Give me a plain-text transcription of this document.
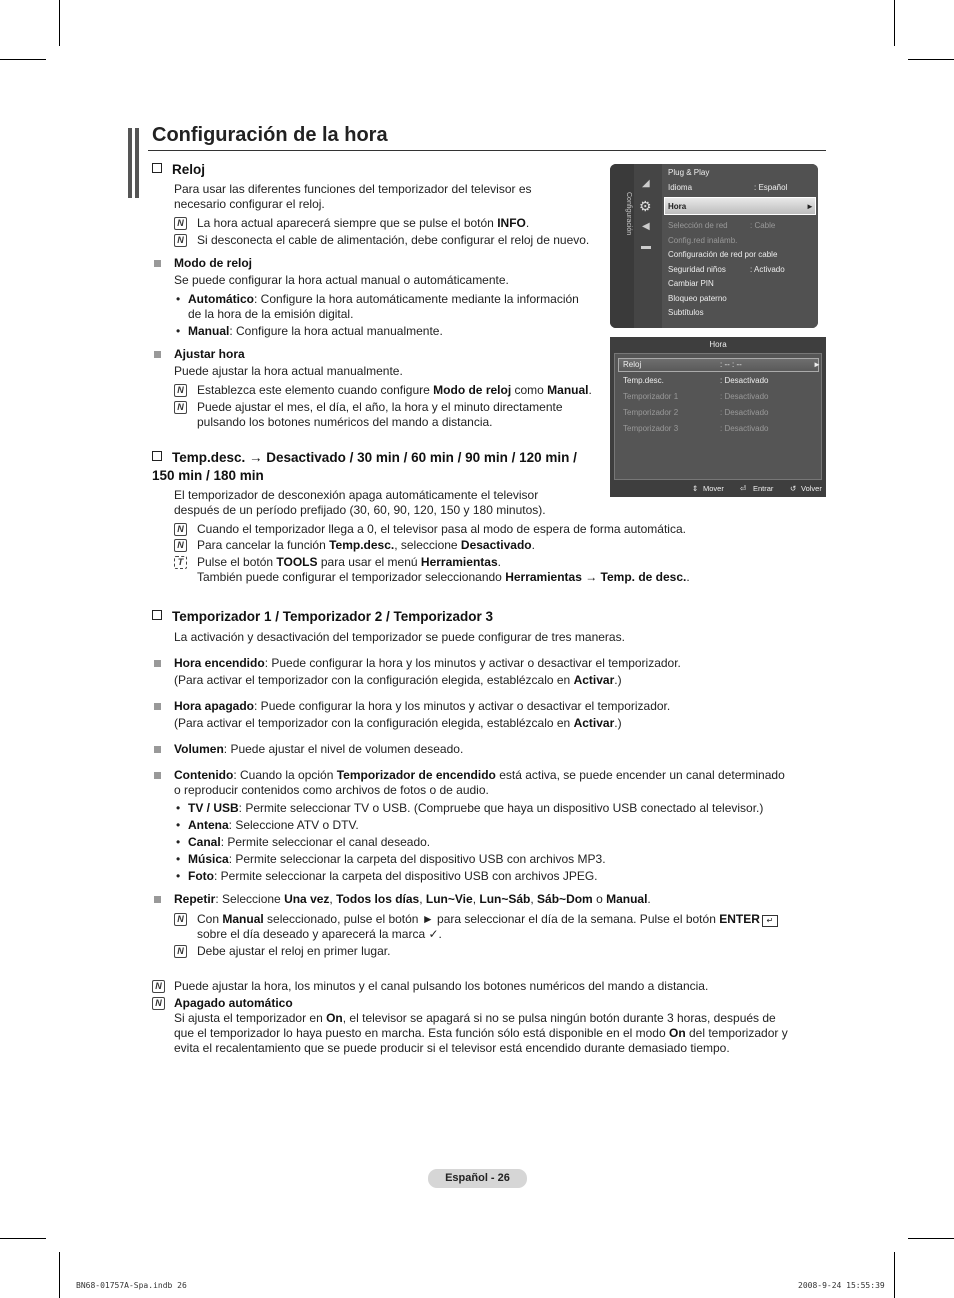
Configuración de la hora
Reloj
Para usar las diferentes funciones del temporizador del televisor es necesario configurar el reloj.
N La hora actual aparecerá siempre que se pulse el botón INFO.
N Si desconecta el cable de alimentación, debe configurar el reloj de nuevo.
Modo de reloj
Se puede configurar la hora actual manual o automáticamente.
• Automático: Configure la hora automáticamente mediante la información de la hora de la emisión digital.
• Manual: Configure la hora actual manualmente.
Ajustar hora
Puede ajustar la hora actual manualmente.
N Establezca este elemento cuando configure Modo de reloj como Manual.
N Puede ajustar el mes, el día, el año, la hora y el minuto directamente pulsando los botones numéricos del mando a distancia.
Temp.desc. → Desactivado / 30 min / 60 min / 90 min / 120 min / 150 min / 180 min
El temporizador de desconexión apaga automáticamente el televisor después de un período prefijado (30, 60, 90, 120, 150 y 180 minutos).
N Cuando el temporizador llega a 0, el televisor pasa al modo de espera de forma automática.
N Para cancelar la función Temp.desc., seleccione Desactivado.
T	Pulse el botón TOOLS para usar el menú Herramientas.
También puede configurar el temporizador seleccionando Herramientas → Temp. de desc..
Temporizador 1 / Temporizador 2 / Temporizador 3
La activación y desactivación del temporizador se puede configurar de tres maneras.
Hora encendido: Puede configurar la hora y los minutos y activar o desactivar el temporizador.
(Para activar el temporizador con la configuración elegida, establézcalo en Activar.)
Hora apagado: Puede configurar la hora y los minutos y activar o desactivar el temporizador.
(Para activar el temporizador con la configuración elegida, establézcalo en Activar.)
Volumen: Puede ajustar el nivel de volumen deseado.
Contenido: Cuando la opción Temporizador de encendido está activa, se puede encender un canal determinado o reproducir contenidos como archivos de fotos o de audio.
• TV / USB: Permite seleccionar TV o USB. (Compruebe que haya un dispositivo USB conectado al televisor.)
• Antena: Seleccione ATV o DTV.
• Canal: Permite seleccionar el canal deseado.
• Música: Permite seleccionar la carpeta del dispositivo USB con archivos MP3.
• Foto: Permite seleccionar la carpeta del dispositivo USB con archivos JPEG.
Repetir: Seleccione Una vez, Todos los días, Lun~Vie, Lun~Sáb, Sáb~Dom o Manual.
N Con Manual seleccionado, pulse el botón ► para seleccionar el día de la semana. Pulse el botón ENTER ↵ sobre el día deseado y aparecerá la marca ✓.
N Debe ajustar el reloj en primer lugar.
N Puede ajustar la hora, los minutos y el canal pulsando los botones numéricos del mando a distancia.
N Apagado automático
Si ajusta el temporizador en On, el televisor se apagará si no se pulsa ningún botón durante 3 horas, después de que el temporizador lo haya puesto en marcha. Esta función sólo está disponible en el modo On del temporizador y evita el recalentamiento que se puede producir si el televisor está encendido durante demasiado tiempo.
Configuración
◢
⚙
◀
▬
Plug & Play
Idioma	: Español
Hora	►
Selección de red	: Cable
Config.red inalámb.
Configuración de red por cable
Seguridad niños	: Activado
Cambiar PIN
Bloqueo paterno
Subtítulos
Hora
Reloj	: -- : --	►
Temp.desc.	: Desactivado
Temporizador 1	: Desactivado
Temporizador 2	: Desactivado
Temporizador 3	: Desactivado
⇕ Mover ⏎ Entrar ↺ Volver
Español - 26
BN68-01757A-Spa.indb 26	2008-9-24 15:55:39
